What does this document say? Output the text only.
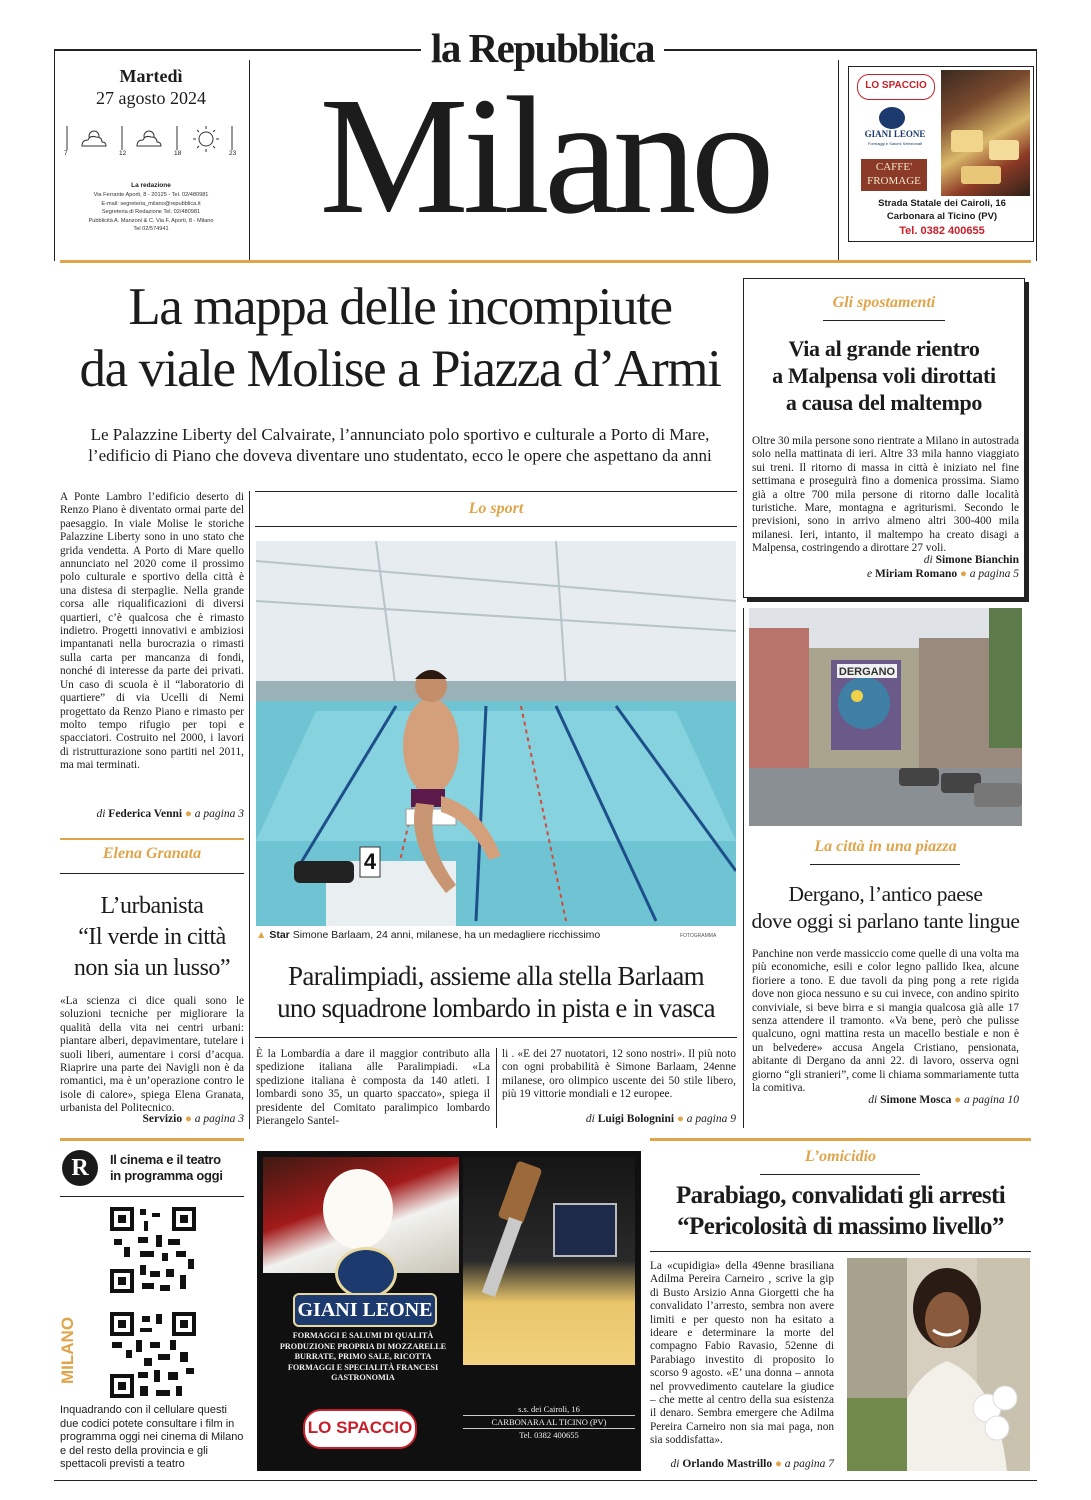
la Repubblica
Martedì
27 agosto 2024
7	12	18	23
La redazione
Via Ferrante Aporti, 8 - 20125 - Tel. 02/480981
E-mail: segreteria_milano@repubblica.it
Segreteria di Redazione Tel. 02/480981
Pubblicità A. Manzoni & C. Via F. Aporti, 8 - Milano
Tel 02/574941 Milano	LO SPACCIO
GIANI LEONE
Formaggi e Salumi Selezionati
CAFFE'
FROMAGE
Strada Statale dei Cairoli, 16
Carbonara al Ticino (PV)
Tel. 0382 400655
La mappa delle incompiute
da viale Molise a Piazza d’Armi
Le Palazzine Liberty del Calvairate, l’annunciato polo sportivo e culturale a Porto di Mare,
l’edificio di Piano che doveva diventare uno studentato, ecco le opere che aspettano da anni
A Ponte Lambro l’edificio deserto di Renzo Piano è diventato ormai parte del paesaggio. In viale Molise le storiche Palazzine Liberty sono in uno stato che grida vendetta. A Porto di Mare quello annunciato nel 2020 come il prossimo polo culturale e sportivo della città è una distesa di sterpaglie. Nella grande corsa alle riqualificazioni di diversi quartieri, c’è qualcosa che è rimasto indietro. Progetti innovativi e ambiziosi impantanati nella burocrazia o rimasti sulla carta per mancanza di fondi, nonché di interesse da parte dei privati. Un caso di scuola è il “laboratorio di quartiere” di via Ucelli di Nemi progettato da Renzo Piano e rimasto per molto tempo rifugio per topi e spacciatori. Costruito nel 2000, i lavori di ristrutturazione sono partiti nel 2011, ma mai terminati.
di Federica Venni ● a pagina 3
Elena Granata
L’urbanista
“Il verde in città
non sia un lusso”
«La scienza ci dice quali sono le soluzioni tecniche per migliorare la qualità della vita nei centri urbani: piantare alberi, depavimentare, tutelare i suoli liberi, aumentare i corsi d’acqua. Riaprire una parte dei Navigli non è da romantici, ma è un’operazione contro le isole di calore», spiega Elena Granata, urbanista del Politecnico.
Servizio ● a pagina 3
Lo sport
4
▲ Star Simone Barlaam, 24 anni, milanese, ha un medagliere ricchissimo	FOTOGRAMMA
Paralimpiadi, assieme alla stella Barlaam
uno squadrone lombardo in pista e in vasca
È la Lombardia a dare il maggior contributo alla spedizione italiana alle Paralimpiadi. «La spedizione italiana è composta da 140 atleti. I lombardi sono 35, un quarto spaccato», spiega il presidente del Comitato paralimpico lombardo Pierangelo Santel-
li . «E dei 27 nuotatori, 12 sono nostri». Il più noto con ogni probabilità è Simone Barlaam, 24enne milanese, oro olimpico uscente dei 50 stile libero, più 19 vittorie mondiali e 12 europee.
di Luigi Bolognini ● a pagina 9
Gli spostamenti
Via al grande rientro
a Malpensa voli dirottati
a causa del maltempo
Oltre 30 mila persone sono rientrate a Milano in autostrada solo nella mattinata di ieri. Altre 33 mila hanno viaggiato sui treni. Il ritorno di massa in città è iniziato nel fine settimana e proseguirà fino a domenica prossima. Siamo già a oltre 700 mila persone di ritorno dalle località turistiche. Mare, montagna e agriturismi. Secondo le previsioni, sono in arrivo almeno altri 300-400 mila milanesi. Ieri, intanto, il maltempo ha creato disagi a Malpensa, costringendo a dirottare 27 voli.
di Simone Bianchin
e Miriam Romano ● a pagina 5
DERGANO
La città in una piazza
Dergano, l’antico paese
dove oggi si parlano tante lingue
Panchine non verde massiccio come quelle di una volta ma più economiche, esili e color legno pallido Ikea, alcune fioriere a tono. E due tavoli da ping pong a rete rigida dove non gioca nessuno e su cui invece, con andino spirito conviviale, si beve birra e si mangia qualcosa già alle 17 senza attendere il tramonto. «Va bene, però che pulisse qualcuno, ogni mattina resta un macello bestiale e non è un belvedere» accusa Angela Cristiano, pensionata, abitante di Dergano da anni 22. di lavoro, osserva ogni giorno “gli stranieri”, come li chiama sommariamente tutta la comitiva.
di Simone Mosca ● a pagina 10
R	Il cinema e il teatro
in programma oggi
MILANO
Inquadrando con il cellulare questi due codici potete consultare i film in programma oggi nei cinema di Milano e del resto della provincia e gli spettacoli previsti a teatro
GIANI LEONE
FORMAGGI E SALUMI DI QUALITÀ
PRODUZIONE PROPRIA DI MOZZARELLE
BURRATE, PRIMO SALE, RICOTTA
FORMAGGI E SPECIALITÀ FRANCESI
GASTRONOMIA
LO SPACCIO
s.s. dei Cairoli, 16
CARBONARA AL TICINO (PV)
Tel. 0382 400655
L’omicidio
Parabiago, convalidati gli arresti
“Pericolosità di massimo livello”
La «cupidigia» della 49enne brasiliana Adilma Pereira Carneiro , scrive la gip di Busto Arsizio Anna Giorgetti che ha convalidato l’arresto, sembra non avere limiti e per questo non ha esitato a ideare e determinare la morte del compagno Fabio Ravasio, 52enne di Parabiago investito di proposito lo scorso 9 agosto. «E’ una donna – annota nel provvedimento cautelare la giudice – che mette al centro della sua esistenza il denaro. Sembra emergere che Adilma Pereira Carneiro non sia mai paga, non sia soddisfatta».
di Orlando Mastrillo ● a pagina 7
